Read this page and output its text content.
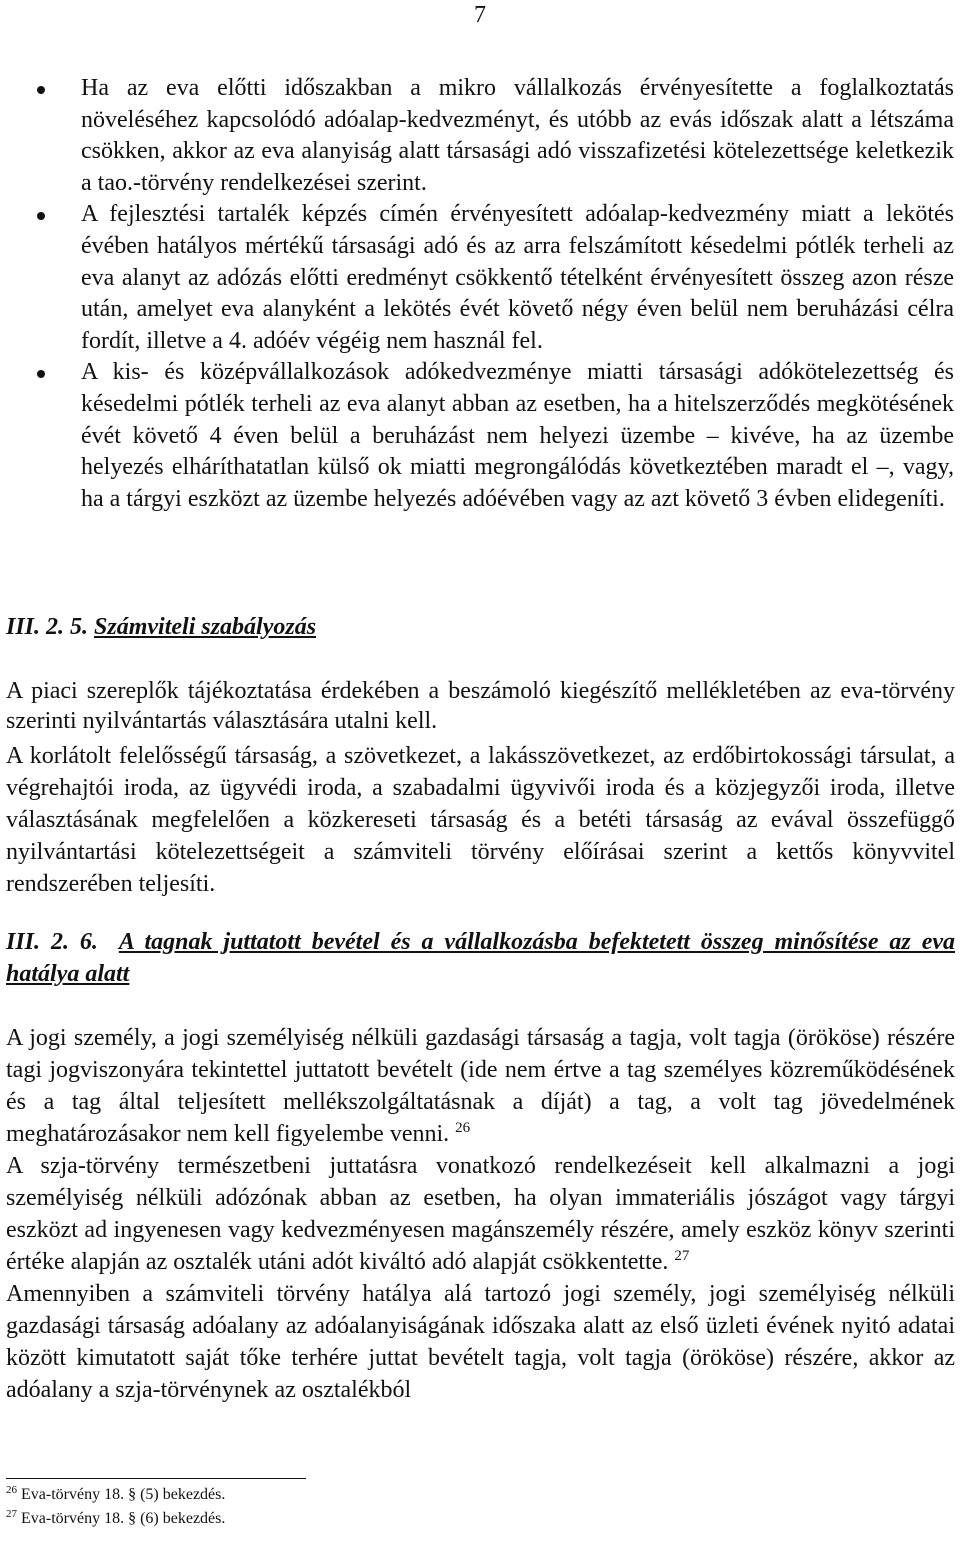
7
Ha az eva előtti időszakban a mikro vállalkozás érvényesítette a foglalkoztatás növeléséhez kapcsolódó adóalap-kedvezményt, és utóbb az evás időszak alatt a létszáma csökken, akkor az eva alanyiság alatt társasági adó visszafizetési kötelezettsége keletkezik a tao.-törvény rendelkezései szerint.
A fejlesztési tartalék képzés címén érvényesített adóalap-kedvezmény miatt a lekötés évében hatályos mértékű társasági adó és az arra felszámított késedelmi pótlék terheli az eva alanyt az adózás előtti eredményt csökkentő tételként érvényesített összeg azon része után, amelyet eva alanyként a lekötés évét követő négy éven belül nem beruházási célra fordít, illetve a 4. adóév végéig nem használ fel.
A kis- és középvállalkozások adókedvezménye miatti társasági adókötelezettség és késedelmi pótlék terheli az eva alanyt abban az esetben, ha a hitelszerződés megkötésének évét követő 4 éven belül a beruházást nem helyezi üzembe – kivéve, ha az üzembe helyezés elháríthatatlan külső ok miatti megrongálódás következtében maradt el –, vagy, ha a tárgyi eszközt az üzembe helyezés adóévében vagy az azt követő 3 évben elidegeníti.
III. 2. 5. Számviteli szabályozás

A piaci szereplők tájékoztatása érdekében a beszámoló kiegészítő mellékletében az eva-törvény szerinti nyilvántartás választására utalni kell.

A korlátolt felelősségű társaság, a szövetkezet, a lakásszövetkezet, az erdőbirtokossági társulat, a végrehajtói iroda, az ügyvédi iroda, a szabadalmi ügyvivői iroda és a közjegyzői iroda, illetve választásának megfelelően a közkereseti társaság és a betéti társaság az evával összefüggő nyilvántartási kötelezettségeit a számviteli törvény előírásai szerint a kettős könyvvitel rendszerében teljesíti.

III. 2. 6. A tagnak juttatott bevétel és a vállalkozásba befektetett összeg minősítése az eva hatálya alatt

A jogi személy, a jogi személyiség nélküli gazdasági társaság a tagja, volt tagja (örököse) részére tagi jogviszonyára tekintettel juttatott bevételt (ide nem értve a tag személyes közreműködésének és a tag által teljesített mellékszolgáltatásnak a díját) a tag, a volt tag jövedelmének meghatározásakor nem kell figyelembe venni. $^{26}$

A szja-törvény természetbeni juttatásra vonatkozó rendelkezéseit kell alkalmazni a jogi személyiség nélküli adózónak abban az esetben, ha olyan immateriális jószágot vagy tárgyi eszközt ad ingyenesen vagy kedvezményesen magánszemély részére, amely eszköz könyv szerinti értéke alapján az osztalék utáni adót kiváltó adó alapját csökkentette. $^{27}$

Amennyiben a számviteli törvény hatálya alá tartozó jogi személy, jogi személyiség nélküli gazdasági társaság adóalany az adóalanyiságának időszaka alatt az első üzleti évének nyitó adatai között kimutatott saját tőke terhére juttat bevételt tagja, volt tagja (örököse) részére, akkor az adóalany a szja-törvénynek az osztalékból

$^{26}$ Eva-törvény 18. § (5) bekezdés.
$^{27}$ Eva-törvény 18. § (6) bekezdés.
